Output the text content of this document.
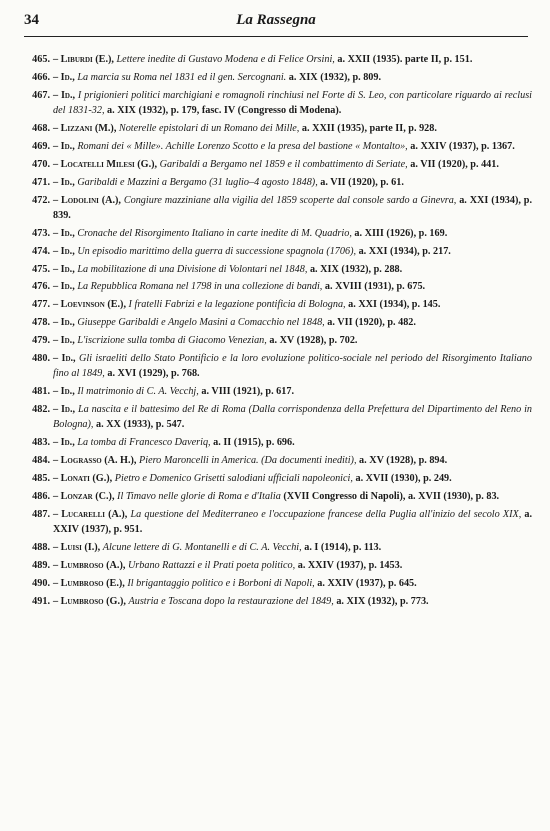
34	La Rassegna
465. – Liburdi (E.), Lettere inedite di Gustavo Modena e di Felice Orsini, a. XXII (1935). parte II, p. 151.
466. – Id., La marcia su Roma nel 1831 ed il gen. Sercognani. a. XIX (1932), p. 809.
467. – Id., I prigionieri politici marchigiani e romagnoli rinchiusi nel Forte di S. Leo, con particolare riguardo ai reclusi del 1831-32, a. XIX (1932), p. 179, fasc. IV (Congresso di Modena).
468. – Lizzani (M.), Noterelle epistolari di un Romano dei Mille, a. XXII (1935), parte II, p. 928.
469. – Id., Romani dei « Mille». Achille Lorenzo Scotto e la presa del bastione « Montalto», a. XXIV (1937), p. 1367.
470. – Locatelli Milesi (G.), Garibaldi a Bergamo nel 1859 e il combattimento di Seriate, a. VII (1920), p. 441.
471. – Id., Garibaldi e Mazzini a Bergamo (31 luglio–4 agosto 1848), a. VII (1920), p. 61.
472. – Lodolini (A.), Congiure mazziniane alla vigilia del 1859 scoperte dal console sardo a Ginevra, a. XXI (1934), p. 839.
473. – Id., Cronache del Risorgimento Italiano in carte inedite di M. Quadrio, a. XIII (1926), p. 169.
474. – Id., Un episodio marittimo della guerra di successione spagnola (1706), a. XXI (1934), p. 217.
475. – Id., La mobilitazione di una Divisione di Volontari nel 1848, a. XIX (1932), p. 288.
476. – Id., La Repubblica Romana nel 1798 in una collezione di bandi, a. XVIII (1931), p. 675.
477. – Loevinson (E.), I fratelli Fabrizi e la legazione pontificia di Bologna, a. XXI (1934), p. 145.
478. – Id., Giuseppe Garibaldi e Angelo Masini a Comacchio nel 1848, a. VII (1920), p. 482.
479. – Id., L'iscrizione sulla tomba di Giacomo Venezian, a. XV (1928), p. 702.
480. – Id., Gli israeliti dello Stato Pontificio e la loro evoluzione politico-sociale nel periodo del Risorgimento Italiano fino al 1849, a. XVI (1929), p. 768.
481. – Id., Il matrimonio di C. A. Vecchj, a. VIII (1921), p. 617.
482. – Id., La nascita e il battesimo del Re di Roma (Dalla corrispondenza della Prefettura del Dipartimento del Reno in Bologna), a. XX (1933), p. 547.
483. – Id., La tomba di Francesco Daveriq, a. II (1915), p. 696.
484. – Lograsso (A. H.), Piero Maroncelli in America. (Da documenti inediti), a. XV (1928), p. 894.
485. – Lonati (G.), Pietro e Domenico Grisetti salodiani ufficiali napoleonici, a. XVII (1930), p. 249.
486. – Lonzar (C.), Il Timavo nelle glorie di Roma e d'Italia (XVII Congresso di Napoli), a. XVII (1930), p. 83.
487. – Lucarelli (A.), La questione del Mediterraneo e l'occupazione francese della Puglia all'inizio del secolo XIX, a. XXIV (1937), p. 951.
488. – Luisi (I.), Alcune lettere di G. Montanelli e di C. A. Vecchi, a. I (1914), p. 113.
489. – Lumbroso (A.), Urbano Rattazzi e il Prati poeta politico, a. XXIV (1937), p. 1453.
490. – Lumbroso (E.), Il brigantaggio politico e i Borboni di Napoli, a. XXIV (1937), p. 645.
491. – Lumbroso (G.), Austria e Toscana dopo la restaurazione del 1849, a. XIX (1932), p. 773.
